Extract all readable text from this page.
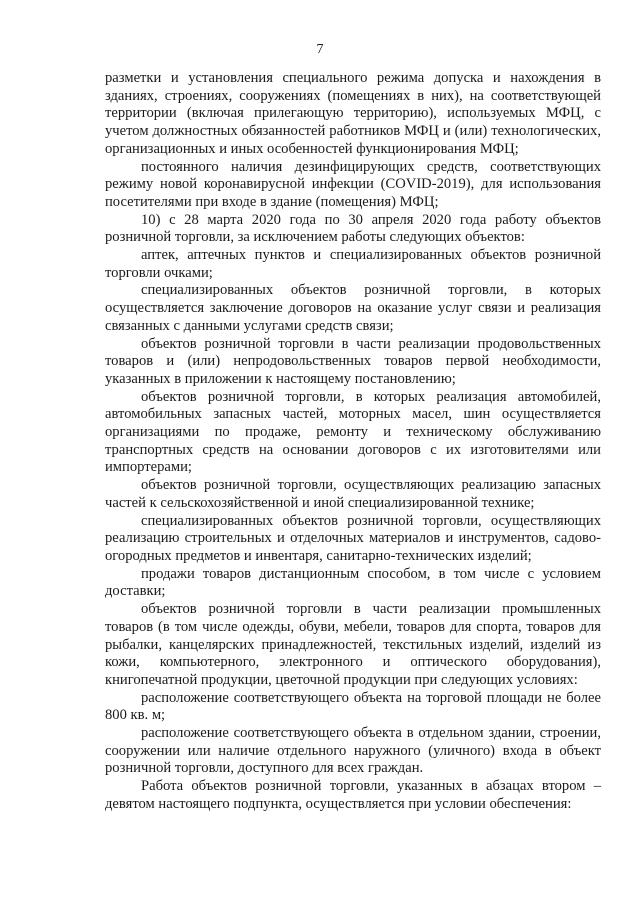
7

разметки и установления специального режима допуска и нахождения в зданиях, строениях, сооружениях (помещениях в них), на соответствующей территории (включая прилегающую территорию), используемых МФЦ, с учетом должностных обязанностей работников МФЦ и (или) технологических, организационных и иных особенностей функционирования МФЦ;

постоянного наличия дезинфицирующих средств, соответствующих режиму новой коронавирусной инфекции (COVID-2019), для использования посетителями при входе в здание (помещения) МФЦ;

10) с 28 марта 2020 года по 30 апреля 2020 года работу объектов розничной торговли, за исключением работы следующих объектов:

аптек, аптечных пунктов и специализированных объектов розничной торговли очками;

специализированных объектов розничной торговли, в которых осуществляется заключение договоров на оказание услуг связи и реализация связанных с данными услугами средств связи;

объектов розничной торговли в части реализации продовольственных товаров и (или) непродовольственных товаров первой необходимости, указанных в приложении к настоящему постановлению;

объектов розничной торговли, в которых реализация автомобилей, автомобильных запасных частей, моторных масел, шин осуществляется организациями по продаже, ремонту и техническому обслуживанию транспортных средств на основании договоров с их изготовителями или импортерами;

объектов розничной торговли, осуществляющих реализацию запасных частей к сельскохозяйственной и иной специализированной технике;

специализированных объектов розничной торговли, осуществляющих реализацию строительных и отделочных материалов и инструментов, садово-огородных предметов и инвентаря, санитарно-технических изделий;

продажи товаров дистанционным способом, в том числе с условием доставки;

объектов розничной торговли в части реализации промышленных товаров (в том числе одежды, обуви, мебели, товаров для спорта, товаров для рыбалки, канцелярских принадлежностей, текстильных изделий, изделий из кожи, компьютерного, электронного и оптического оборудования), книгопечатной продукции, цветочной продукции при следующих условиях:

расположение соответствующего объекта на торговой площади не более 800 кв. м;

расположение соответствующего объекта в отдельном здании, строении, сооружении или наличие отдельного наружного (уличного) входа в объект розничной торговли, доступного для всех граждан.

Работа объектов розничной торговли, указанных в абзацах втором – девятом настоящего подпункта, осуществляется при условии обеспечения:
